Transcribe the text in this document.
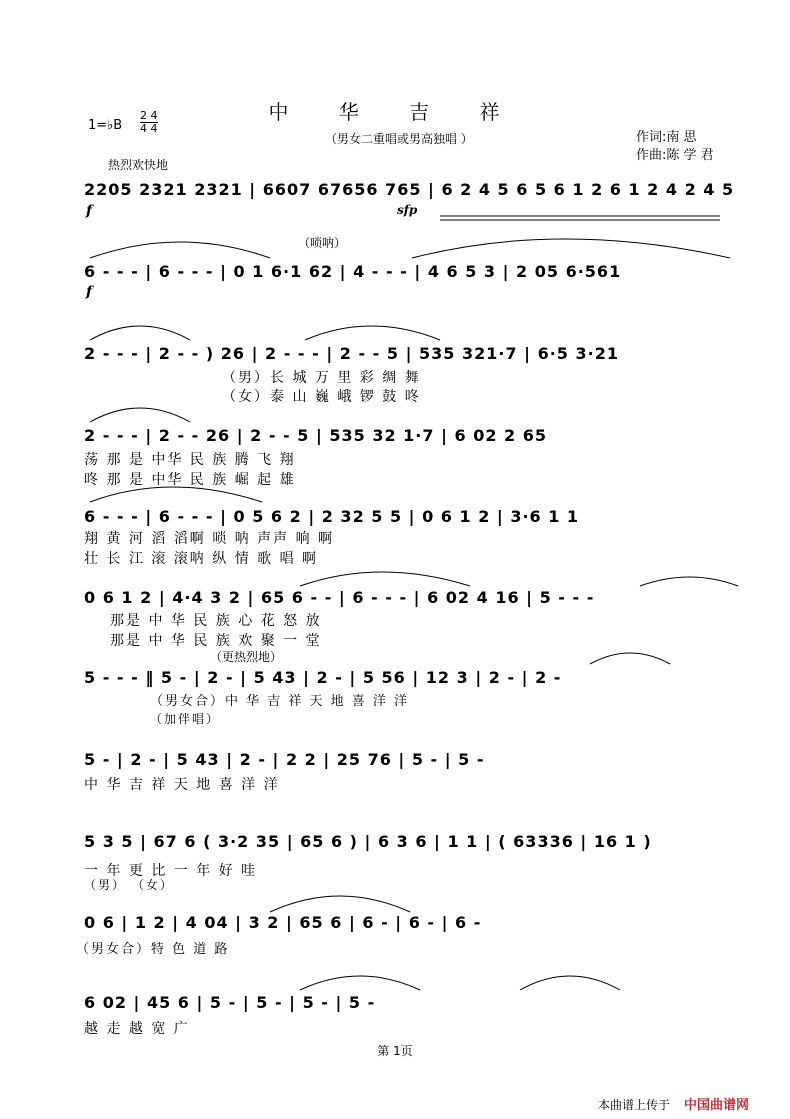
中 华 吉 祥
（男女二重唱或男高独唱 ）
1=♭B
2 4
4 4
作词:南 思
作曲:陈 学 君
热烈欢快地
2205 2321 2321 | 6607 67656 765 | 6 2 4 5 6 5 6 1 2 6 1 2 4 2 4 5
f	sfp
（唢呐）
6 - - - | 6 - - - | 0 1 6·1 62 | 4 - - - | 4 6 5 3 | 2 05 6·561
f
2 - - - | 2 - - ) 26 | 2 - - - | 2 - - 5 | 535 321·7 | 6·5 3·21
（男）长 城 万 里 彩 绸 舞
（女）泰 山 巍 峨 锣 鼓 咚
2 - - - | 2 - - 26 | 2 - - 5 | 535 32 1·7 | 6 02 2 65
荡 那 是 中华 民 族 腾 飞 翔
咚 那 是 中华 民 族 崛 起 雄
6 - - - | 6 - - - | 0 5 6 2 | 2 32 5 5 | 0 6 1 2 | 3·6 1 1
翔 黄 河 滔 滔啊 唢 呐 声声 响 啊
壮 长 江 滚 滚呐 纵 情 歌 唱 啊
0 6 1 2 | 4·4 3 2 | 65 6 - - | 6 - - - | 6 02 4 16 | 5 - - -
那是 中 华 民 族 心 花 怒 放
那是 中 华 民 族 欢 聚 一 堂
（更热烈地）
5 - - - ‖ 5 - | 2 - | 5 43 | 2 - | 5 56 | 12 3 | 2 - | 2 -
（男女合）中 华 吉 祥 天 地 喜 洋 洋
（加伴唱）
5 - | 2 - | 5 43 | 2 - | 2 2 | 25 76 | 5 - | 5 -
中 华 吉 祥 天 地 喜 洋 洋
5 3 5 | 67 6 ( 3·2 35 | 65 6 ) | 6 3 6 | 1 1 | ( 63336 | 16 1 )
一 年 更 比 一 年 好 哇
（男） （女）
0 6 | 1 2 | 4 04 | 3 2 | 65 6 | 6 - | 6 - | 6 -
（男女合）特 色 道 路
6 02 | 45 6 | 5 - | 5 - | 5 - | 5 -
越 走 越 宽 广
第 1页
本曲谱上传于 中国曲谱网
